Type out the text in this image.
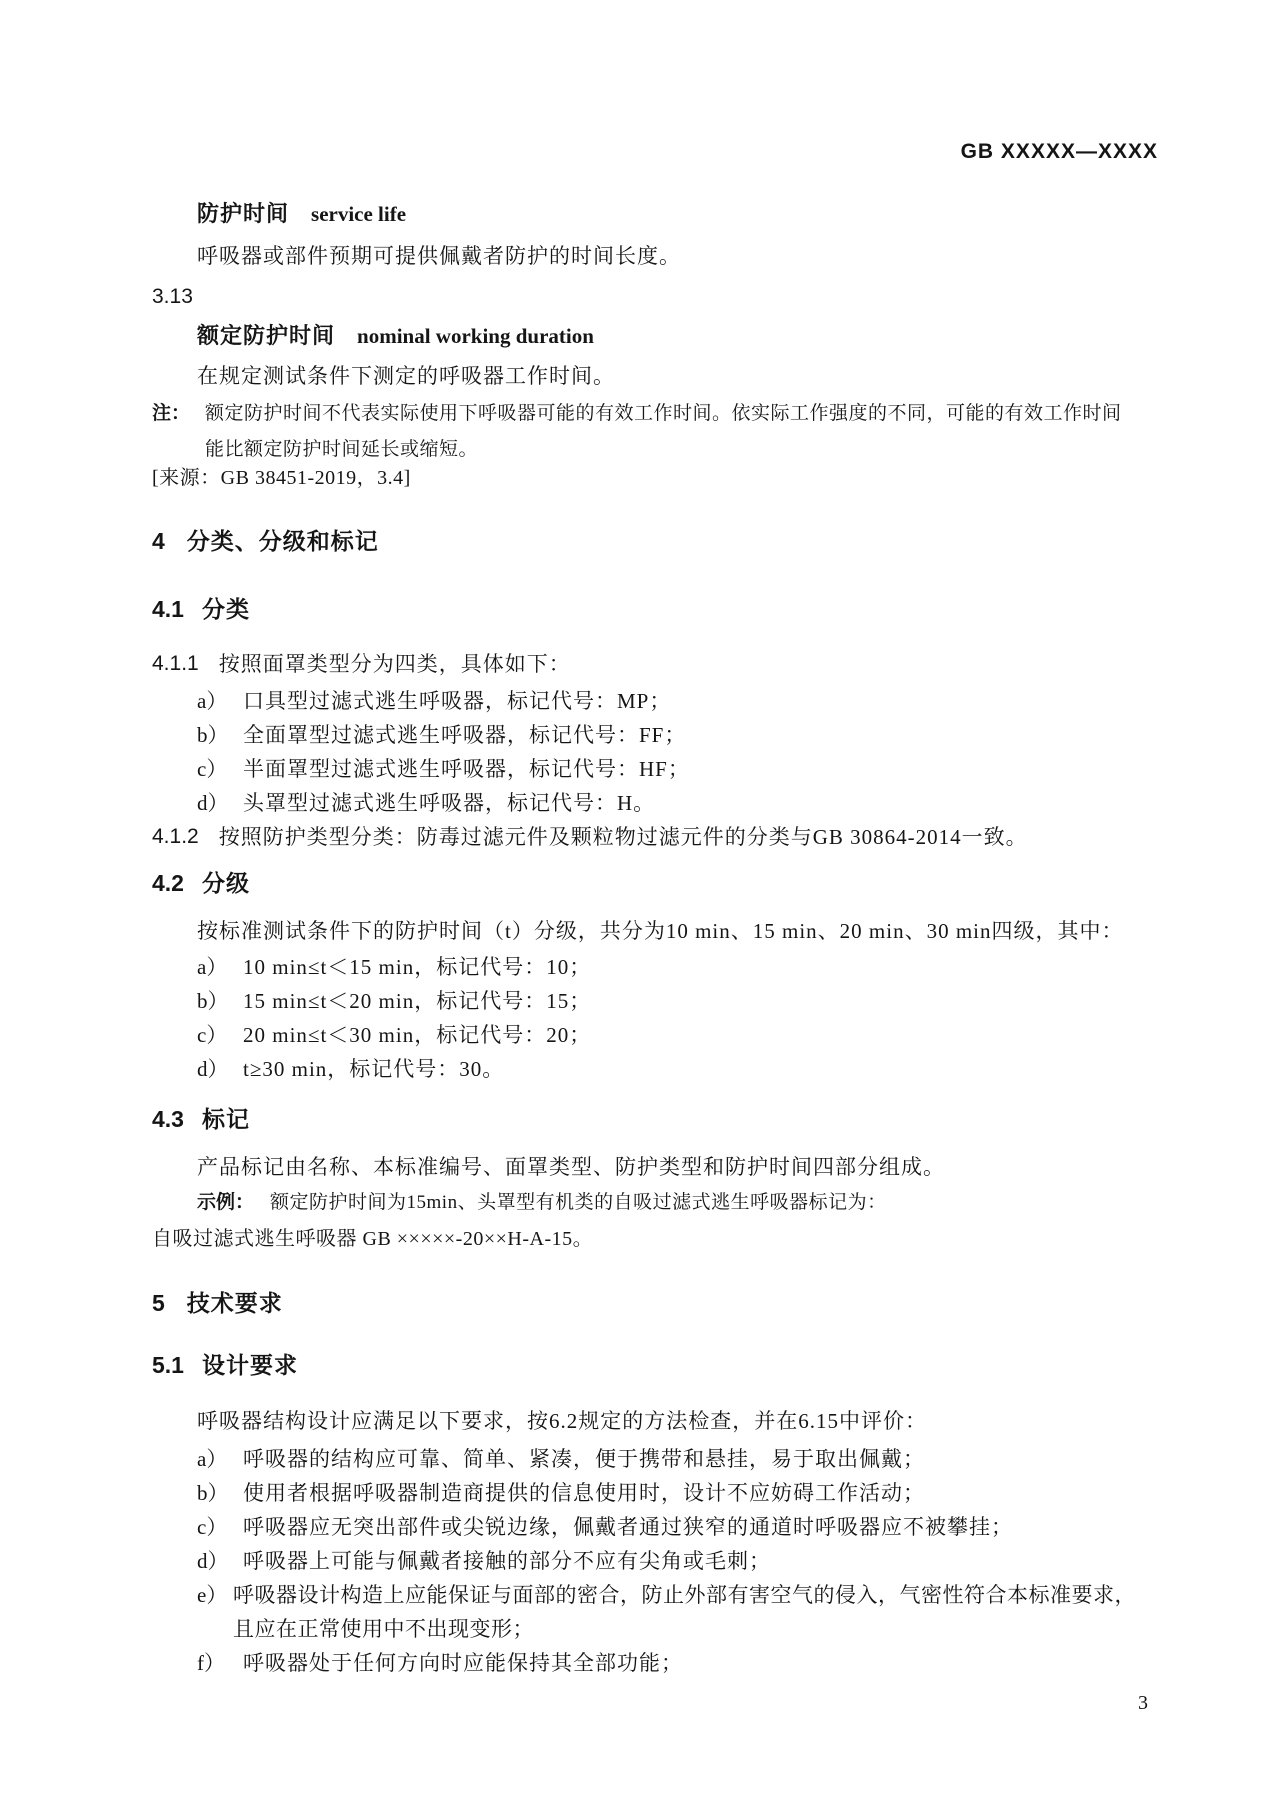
GB XXXXX—XXXX
防护时间 service life
呼吸器或部件预期可提供佩戴者防护的时间长度。
3.13
额定防护时间 nominal working duration
在规定测试条件下测定的呼吸器工作时间。
注： 额定防护时间不代表实际使用下呼吸器可能的有效工作时间。依实际工作强度的不同，可能的有效工作时间
能比额定防护时间延长或缩短。
[来源：GB 38451-2019，3.4]
4 分类、分级和标记
4.1 分类
4.1.1 按照面罩类型分为四类，具体如下：
a） 口具型过滤式逃生呼吸器，标记代号：MP；
b） 全面罩型过滤式逃生呼吸器，标记代号：FF；
c） 半面罩型过滤式逃生呼吸器，标记代号：HF；
d） 头罩型过滤式逃生呼吸器，标记代号：H。
4.1.2 按照防护类型分类：防毒过滤元件及颗粒物过滤元件的分类与GB 30864-2014一致。
4.2 分级
按标准测试条件下的防护时间（t）分级，共分为10 min、15 min、20 min、30 min四级，其中：
a） 10 min≤t＜15 min，标记代号：10；
b） 15 min≤t＜20 min，标记代号：15；
c） 20 min≤t＜30 min，标记代号：20；
d） t≥30 min，标记代号：30。
4.3 标记
产品标记由名称、本标准编号、面罩类型、防护类型和防护时间四部分组成。
示例： 额定防护时间为15min、头罩型有机类的自吸过滤式逃生呼吸器标记为：
自吸过滤式逃生呼吸器 GB ×××××-20××H-A-15。
5 技术要求
5.1 设计要求
呼吸器结构设计应满足以下要求，按6.2规定的方法检查，并在6.15中评价：
a） 呼吸器的结构应可靠、简单、紧凑，便于携带和悬挂，易于取出佩戴；
b） 使用者根据呼吸器制造商提供的信息使用时，设计不应妨碍工作活动；
c） 呼吸器应无突出部件或尖锐边缘，佩戴者通过狭窄的通道时呼吸器应不被攀挂；
d） 呼吸器上可能与佩戴者接触的部分不应有尖角或毛刺；
e） 呼吸器设计构造上应能保证与面部的密合，防止外部有害空气的侵入，气密性符合本标准要求，且应在正常使用中不出现变形；
f） 呼吸器处于任何方向时应能保持其全部功能；
3
